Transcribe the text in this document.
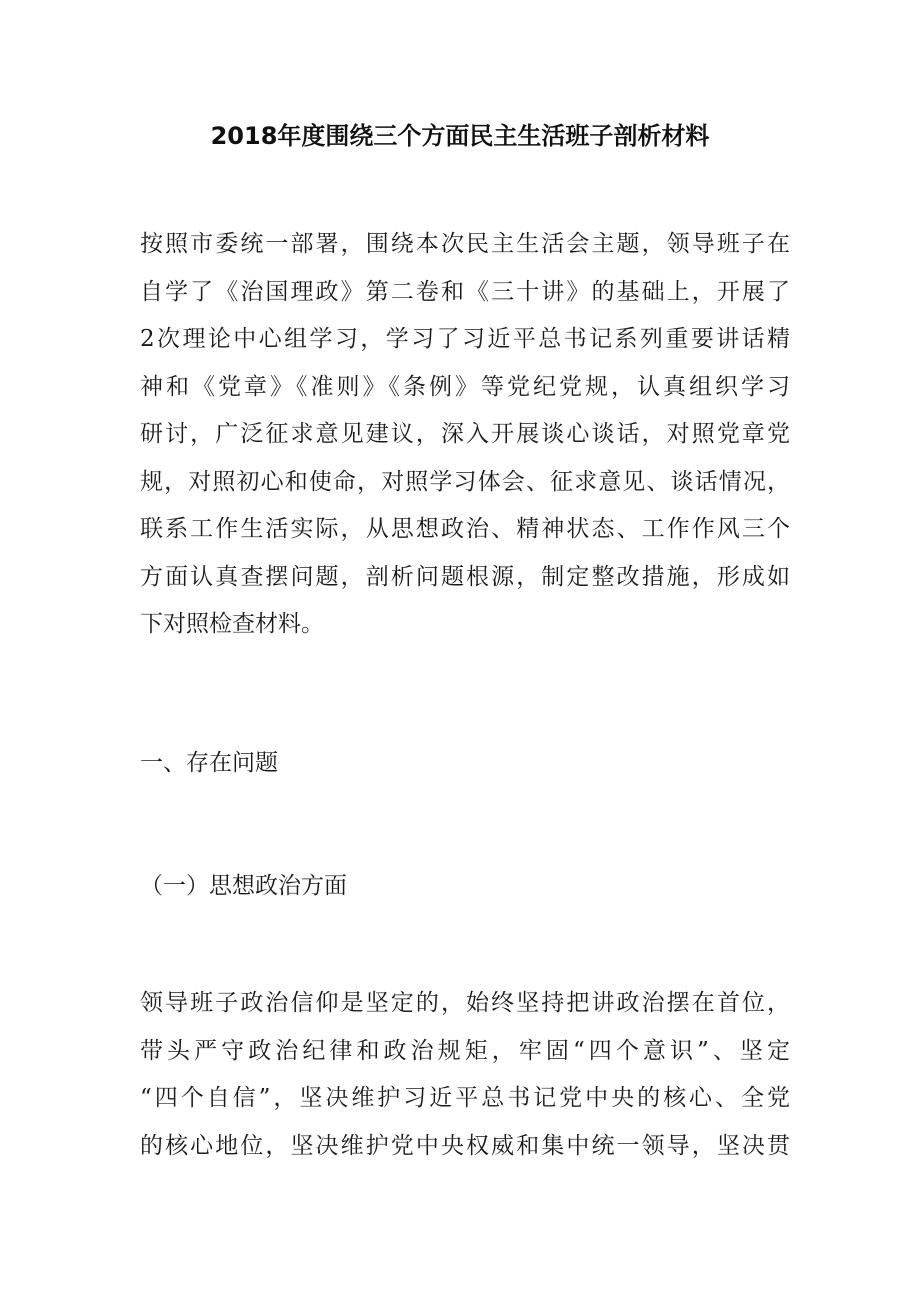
2018年度围绕三个方面民主生活班子剖析材料
按照市委统一部署，围绕本次民主生活会主题，领导班子在
自学了《治国理政》第二卷和《三十讲》的基础上，开展了
2次理论中心组学习，学习了习近平总书记系列重要讲话精
神和《党章》《准则》《条例》等党纪党规，认真组织学习
研讨，广泛征求意见建议，深入开展谈心谈话，对照党章党
规，对照初心和使命，对照学习体会、征求意见、谈话情况，
联系工作生活实际，从思想政治、精神状态、工作作风三个
方面认真查摆问题，剖析问题根源，制定整改措施，形成如
下对照检查材料。
一、存在问题
（一）思想政治方面
领导班子政治信仰是坚定的，始终坚持把讲政治摆在首位，
带头严守政治纪律和政治规矩，牢固“四个意识”、坚定
“四个自信”，坚决维护习近平总书记党中央的核心、全党
的核心地位，坚决维护党中央权威和集中统一领导，坚决贯
